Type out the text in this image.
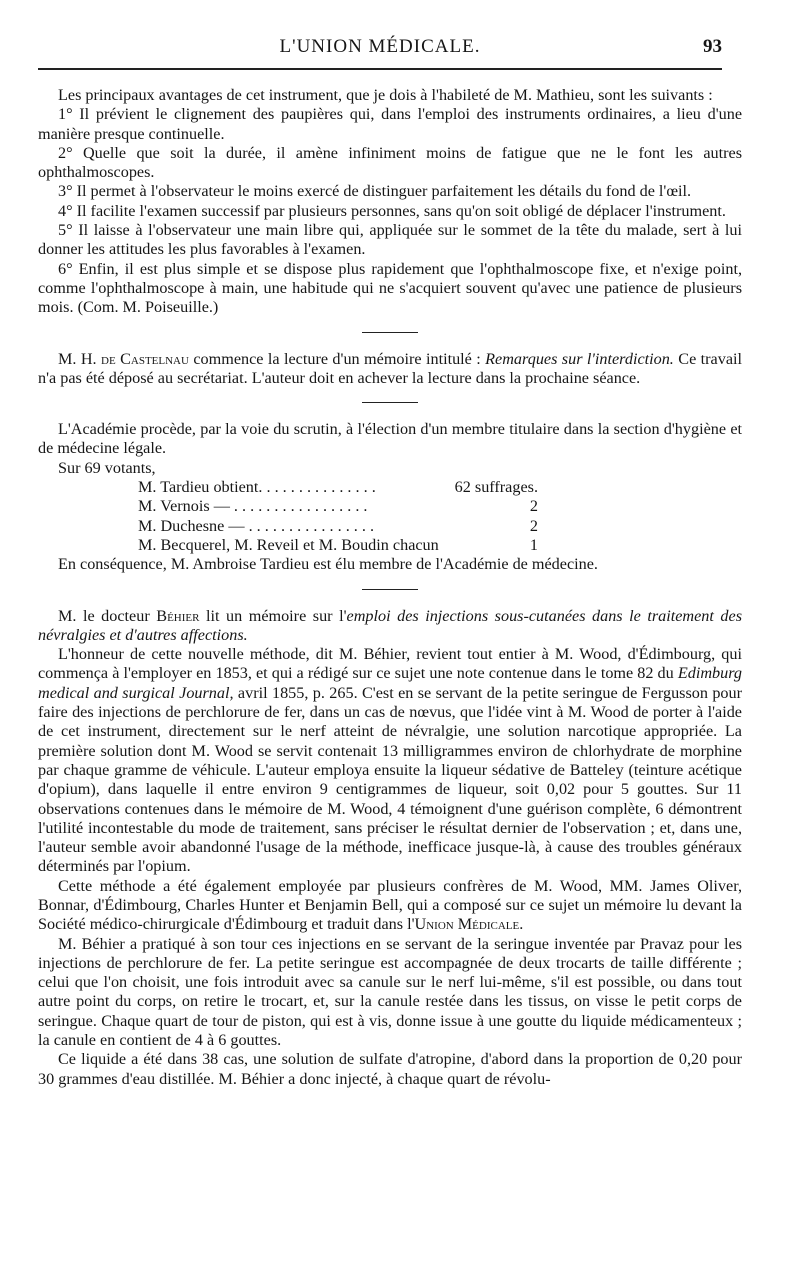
L'UNION MÉDICALE.	93

Les principaux avantages de cet instrument, que je dois à l'habileté de M. Mathieu, sont les suivants :

1° Il prévient le clignement des paupières qui, dans l'emploi des instruments ordinaires, a lieu d'une manière presque continuelle.

2° Quelle que soit la durée, il amène infiniment moins de fatigue que ne le font les autres ophthalmoscopes.

3° Il permet à l'observateur le moins exercé de distinguer parfaitement les détails du fond de l'œil.

4° Il facilite l'examen successif par plusieurs personnes, sans qu'on soit obligé de déplacer l'instrument.

5° Il laisse à l'observateur une main libre qui, appliquée sur le sommet de la tête du malade, sert à lui donner les attitudes les plus favorables à l'examen.

6° Enfin, il est plus simple et se dispose plus rapidement que l'ophthalmoscope fixe, et n'exige point, comme l'ophthalmoscope à main, une habitude qui ne s'acquiert souvent qu'avec une patience de plusieurs mois. (Com. M. Poiseuille.)

M. H. de Castelnau commence la lecture d'un mémoire intitulé : Remarques sur l'interdiction. Ce travail n'a pas été déposé au secrétariat. L'auteur doit en achever la lecture dans la prochaine séance.

L'Académie procède, par la voie du scrutin, à l'élection d'un membre titulaire dans la section d'hygiène et de médecine légale.

Sur 69 votants,

M. Tardieu obtient. . . . . . . . . . . . . . .	62 suffrages.
M. Vernois — . . . . . . . . . . . . . . . . .	2
M. Duchesne — . . . . . . . . . . . . . . . .	2
M. Becquerel, M. Reveil et M. Boudin chacun	1

En conséquence, M. Ambroise Tardieu est élu membre de l'Académie de médecine.

M. le docteur Béhier lit un mémoire sur l'emploi des injections sous-cutanées dans le traitement des névralgies et d'autres affections.

L'honneur de cette nouvelle méthode, dit M. Béhier, revient tout entier à M. Wood, d'Édimbourg, qui commença à l'employer en 1853, et qui a rédigé sur ce sujet une note contenue dans le tome 82 du Edimburg medical and surgical Journal, avril 1855, p. 265. C'est en se servant de la petite seringue de Fergusson pour faire des injections de perchlorure de fer, dans un cas de nœvus, que l'idée vint à M. Wood de porter à l'aide de cet instrument, directement sur le nerf atteint de névralgie, une solution narcotique appropriée. La première solution dont M. Wood se servit contenait 13 milligrammes environ de chlorhydrate de morphine par chaque gramme de véhicule. L'auteur employa ensuite la liqueur sédative de Batteley (teinture acétique d'opium), dans laquelle il entre environ 9 centigrammes de liqueur, soit 0,02 pour 5 gouttes. Sur 11 observations contenues dans le mémoire de M. Wood, 4 témoignent d'une guérison complète, 6 démontrent l'utilité incontestable du mode de traitement, sans préciser le résultat dernier de l'observation ; et, dans une, l'auteur semble avoir abandonné l'usage de la méthode, inefficace jusque-là, à cause des troubles généraux déterminés par l'opium.

Cette méthode a été également employée par plusieurs confrères de M. Wood, MM. James Oliver, Bonnar, d'Édimbourg, Charles Hunter et Benjamin Bell, qui a composé sur ce sujet un mémoire lu devant la Société médico-chirurgicale d'Édimbourg et traduit dans l'Union Médicale.

M. Béhier a pratiqué à son tour ces injections en se servant de la seringue inventée par Pravaz pour les injections de perchlorure de fer. La petite seringue est accompagnée de deux trocarts de taille différente ; celui que l'on choisit, une fois introduit avec sa canule sur le nerf lui-même, s'il est possible, ou dans tout autre point du corps, on retire le trocart, et, sur la canule restée dans les tissus, on visse le petit corps de seringue. Chaque quart de tour de piston, qui est à vis, donne issue à une goutte du liquide médicamenteux ; la canule en contient de 4 à 6 gouttes.

Ce liquide a été dans 38 cas, une solution de sulfate d'atropine, d'abord dans la proportion de 0,20 pour 30 grammes d'eau distillée. M. Béhier a donc injecté, à chaque quart de révolu-
